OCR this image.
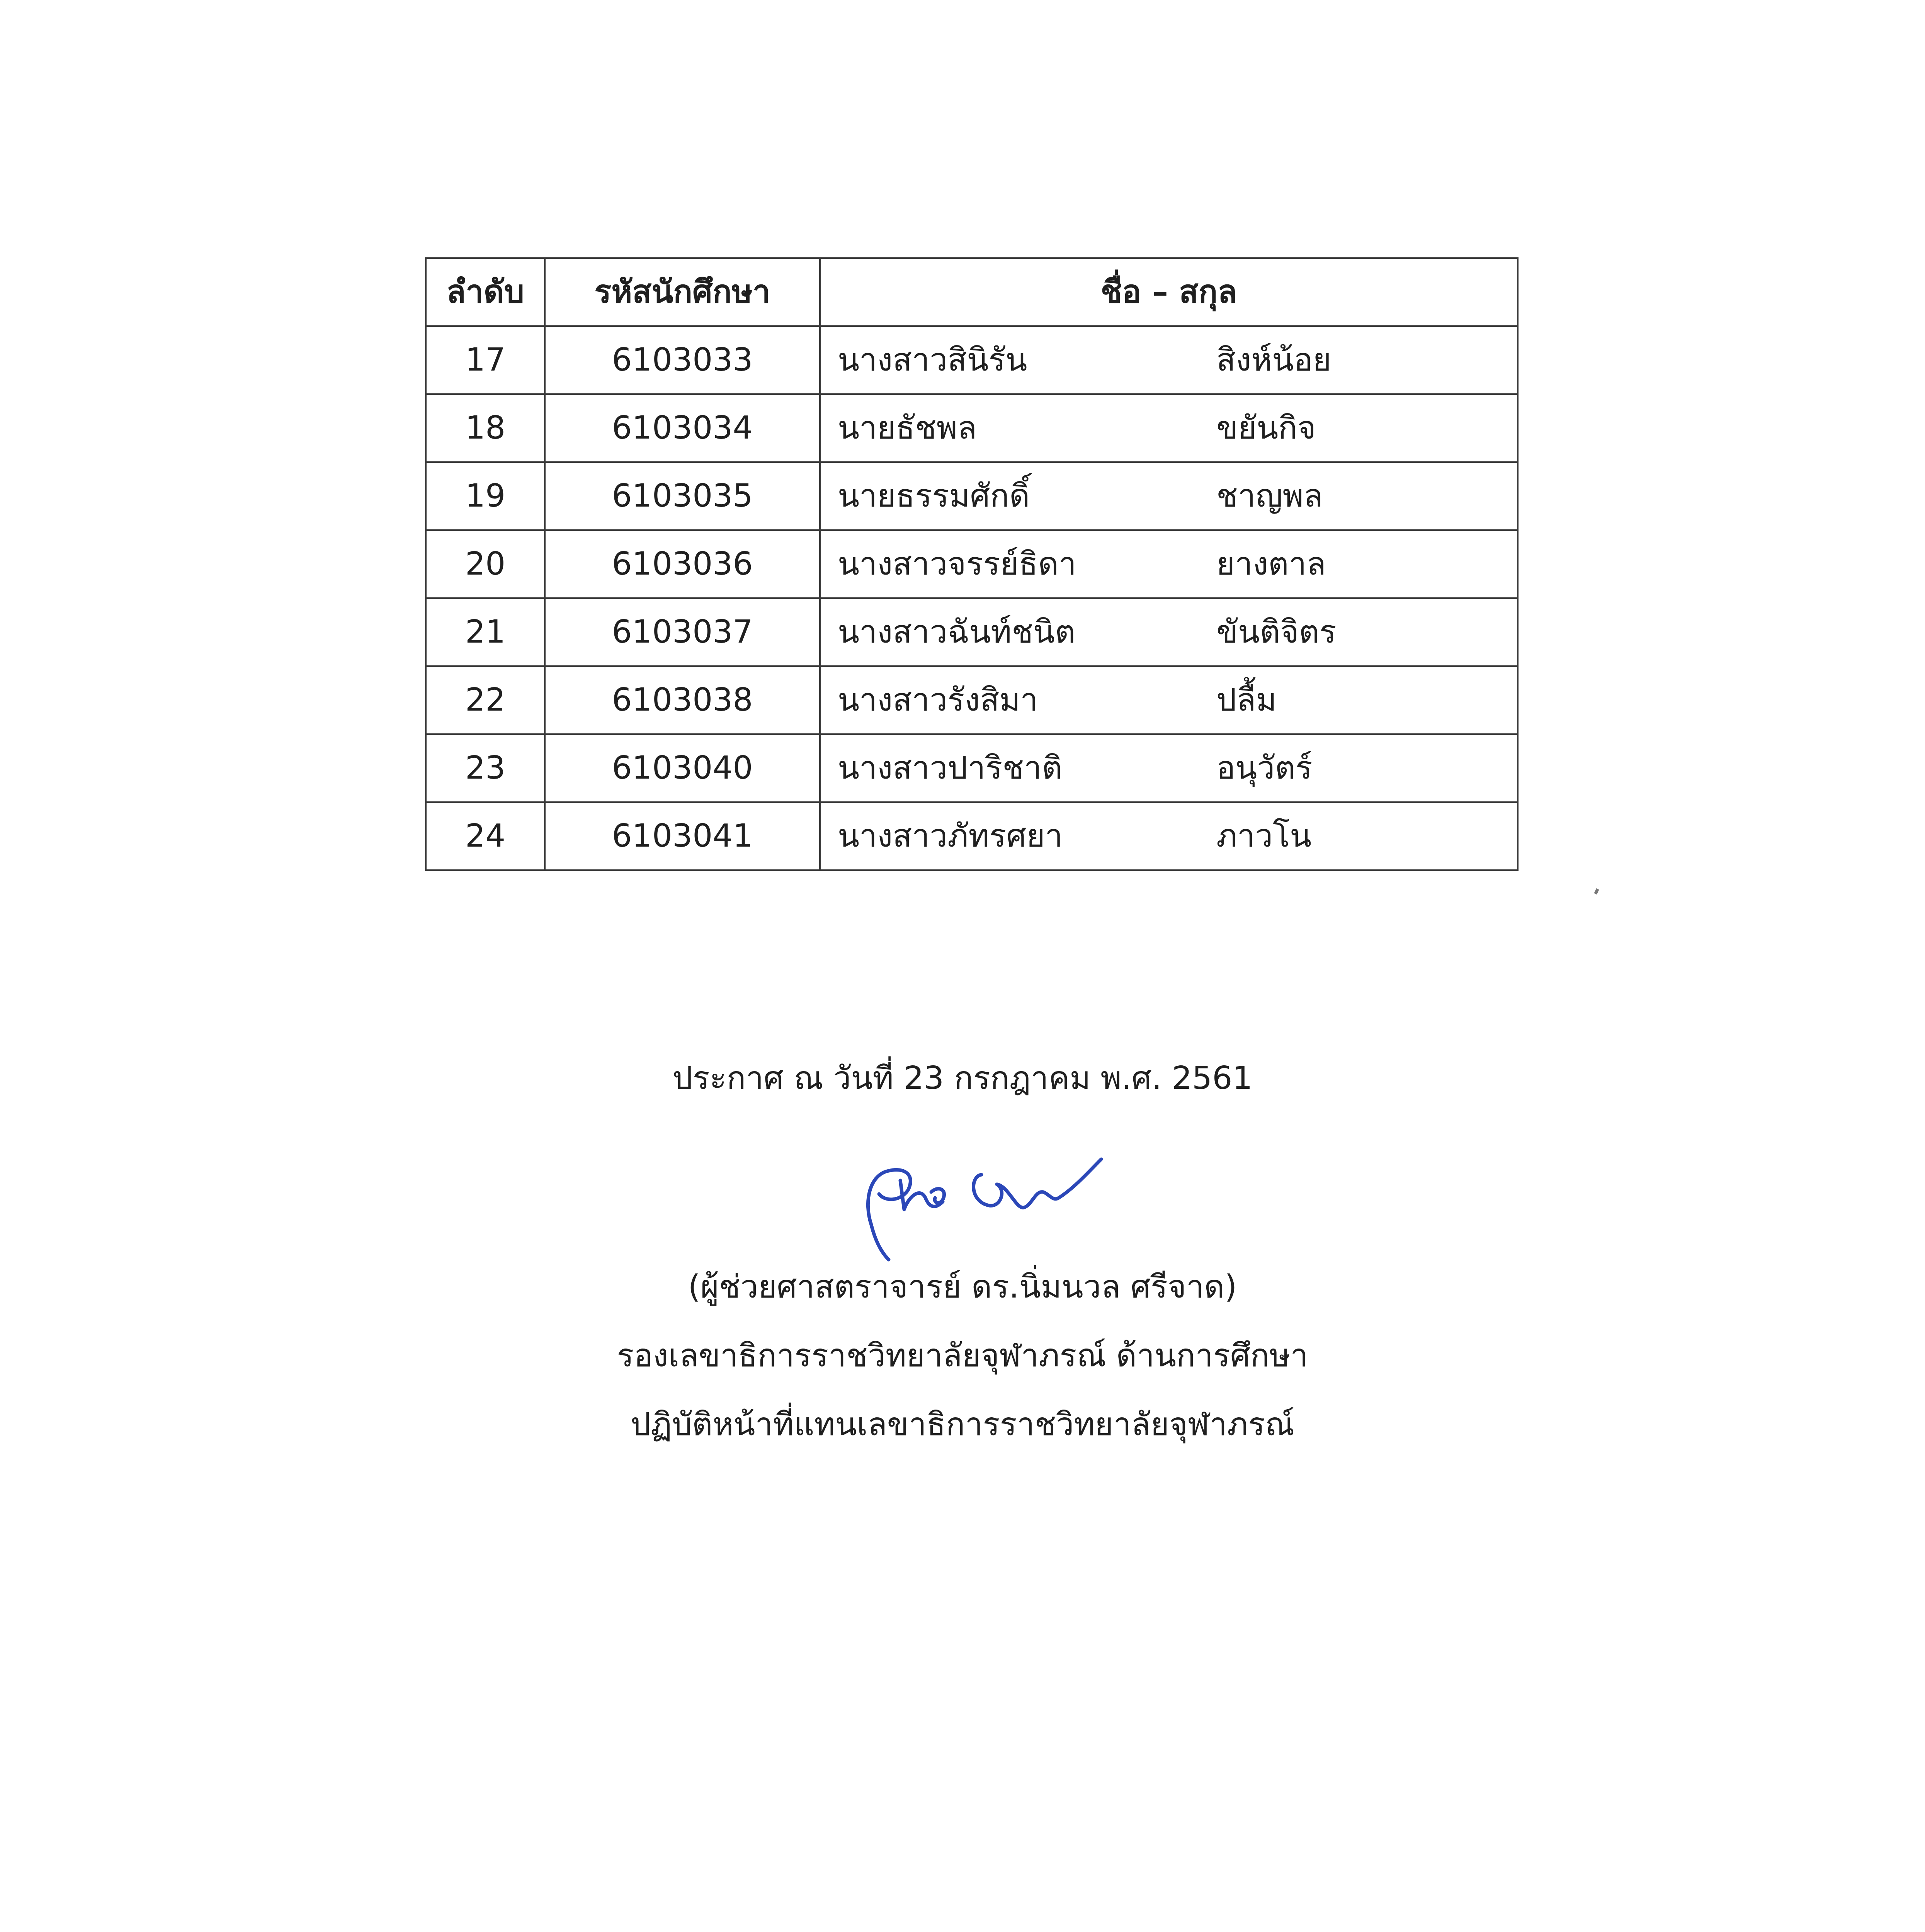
ลำดับ	รหัสนักศึกษา	ชื่อ – สกุล
17	6103033	นางสาวสินิรัน สิงห์น้อย
18	6103034	นายธัชพล ขยันกิจ
19	6103035	นายธรรมศักดิ์ ชาญพล
20	6103036	นางสาวจรรย์ธิดา ยางตาล
21	6103037	นางสาวฉันท์ชนิต ขันติจิตร
22	6103038	นางสาวรังสิมา ปลื้ม
23	6103040	นางสาวปาริชาติ อนุวัตร์
24	6103041	นางสาวภัทรศยา ภาวโน
ประกาศ ณ วันที่ 23 กรกฎาคม พ.ศ. 2561
(ผู้ช่วยศาสตราจารย์ ดร.นิ่มนวล ศรีจาด)
รองเลขาธิการราชวิทยาลัยจุฬาภรณ์ ด้านการศึกษา
ปฏิบัติหน้าที่แทนเลขาธิการราชวิทยาลัยจุฬาภรณ์
